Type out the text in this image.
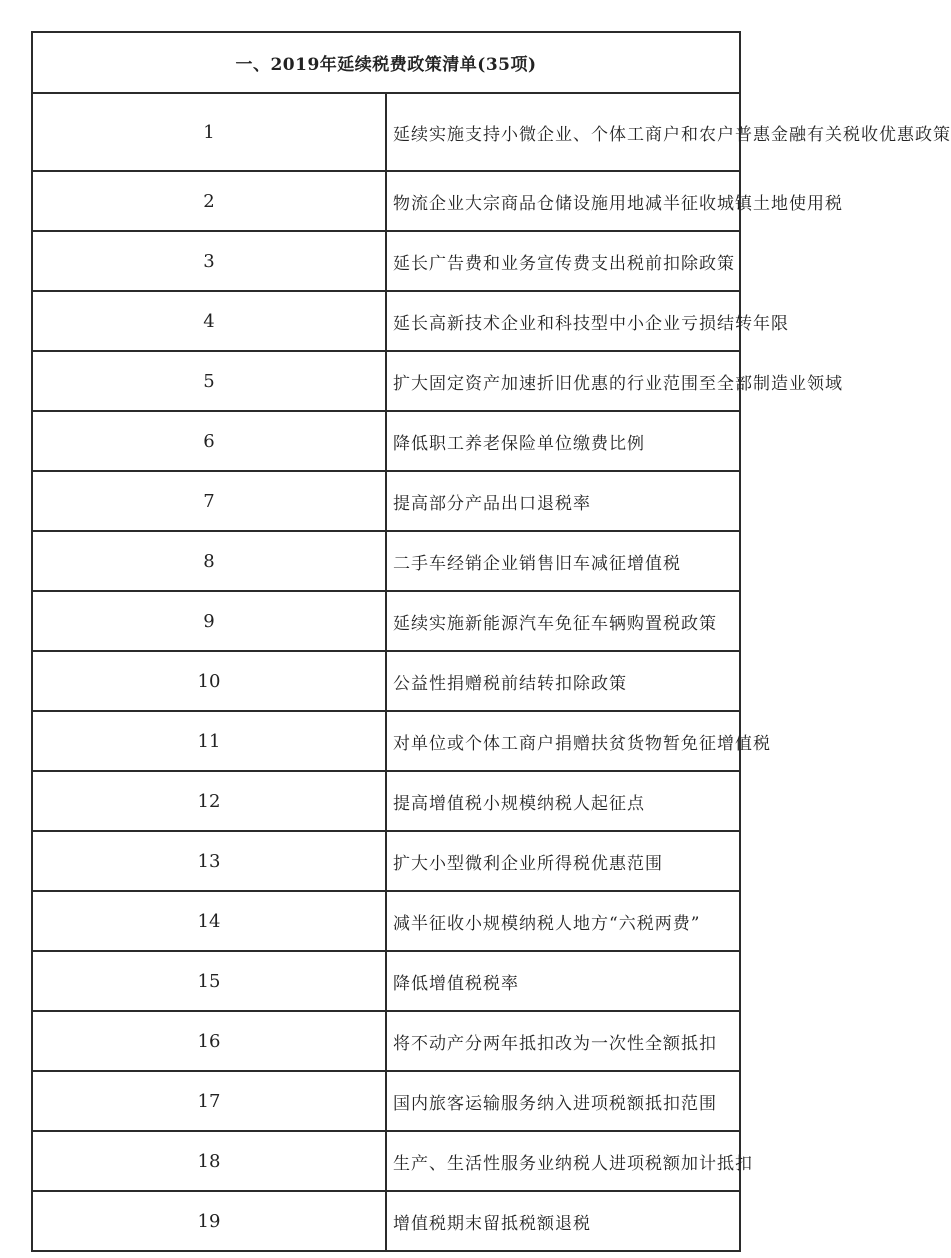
一、2019年延续税费政策清单(35项)	
1	延续实施支持小微企业、个体工商户和农户普惠金融有关税收优惠政策
2	物流企业大宗商品仓储设施用地减半征收城镇土地使用税
3	延长广告费和业务宣传费支出税前扣除政策
4	延长高新技术企业和科技型中小企业亏损结转年限
5	扩大固定资产加速折旧优惠的行业范围至全部制造业领域
6	降低职工养老保险单位缴费比例
7	提高部分产品出口退税率
8	二手车经销企业销售旧车减征增值税
9	延续实施新能源汽车免征车辆购置税政策
10	公益性捐赠税前结转扣除政策
11	对单位或个体工商户捐赠扶贫货物暂免征增值税
12	提高增值税小规模纳税人起征点
13	扩大小型微利企业所得税优惠范围
14	减半征收小规模纳税人地方“六税两费”
15	降低增值税税率
16	将不动产分两年抵扣改为一次性全额抵扣
17	国内旅客运输服务纳入进项税额抵扣范围
18	生产、生活性服务业纳税人进项税额加计抵扣
19	增值税期末留抵税额退税
